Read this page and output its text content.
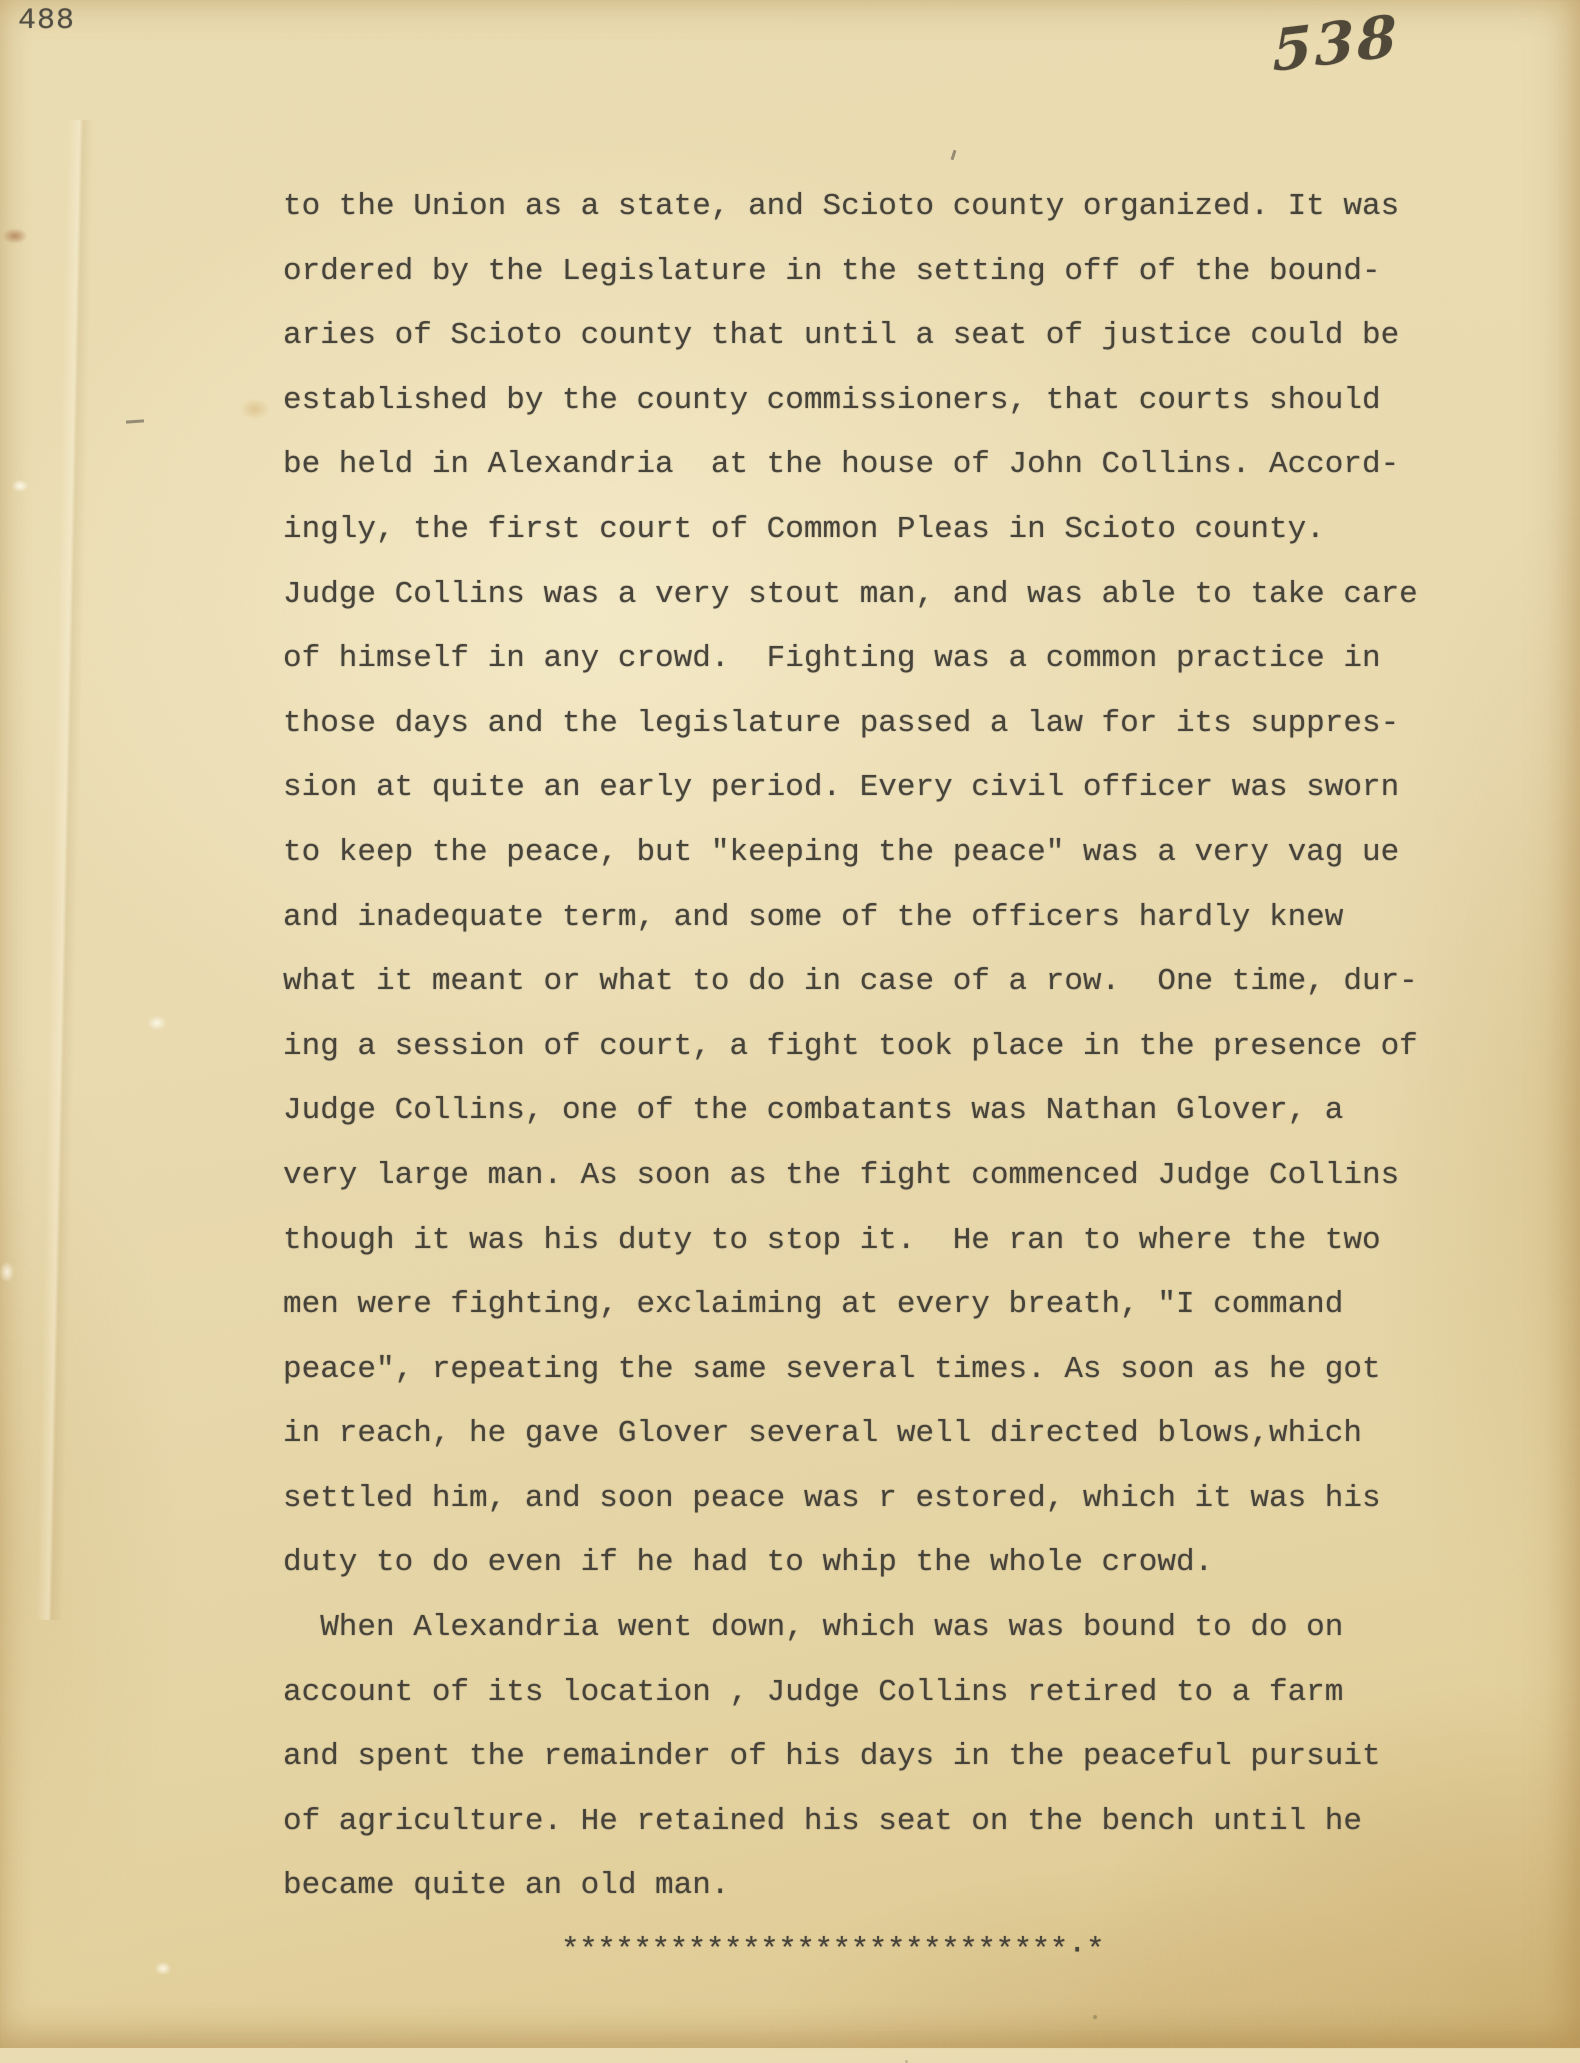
488	538
to the Union as a state, and Scioto county organized. It was
ordered by the Legislature in the setting off of the bound-
aries of Scioto county that until a seat of justice could be
established by the county commissioners, that courts should
be held in Alexandria  at the house of John Collins. Accord-
ingly, the first court of Common Pleas in Scioto county.
Judge Collins was a very stout man, and was able to take care
of himself in any crowd.  Fighting was a common practice in
those days and the legislature passed a law for its suppres-
sion at quite an early period. Every civil officer was sworn
to keep the peace, but "keeping the peace" was a very vag ue
and inadequate term, and some of the officers hardly knew
what it meant or what to do in case of a row.  One time, dur-
ing a session of court, a fight took place in the presence of
Judge Collins, one of the combatants was Nathan Glover, a
very large man. As soon as the fight commenced Judge Collins
though it was his duty to stop it.  He ran to where the two
men were fighting, exclaiming at every breath, "I command
peace", repeating the same several times. As soon as he got
in reach, he gave Glover several well directed blows,which
settled him, and soon peace was r estored, which it was his
duty to do even if he had to whip the whole crowd.
When Alexandria went down, which was was bound to do on
account of its location , Judge Collins retired to a farm
and spent the remainder of his days in the peaceful pursuit
of agriculture. He retained his seat on the bench until he
became quite an old man.
****************************·*
